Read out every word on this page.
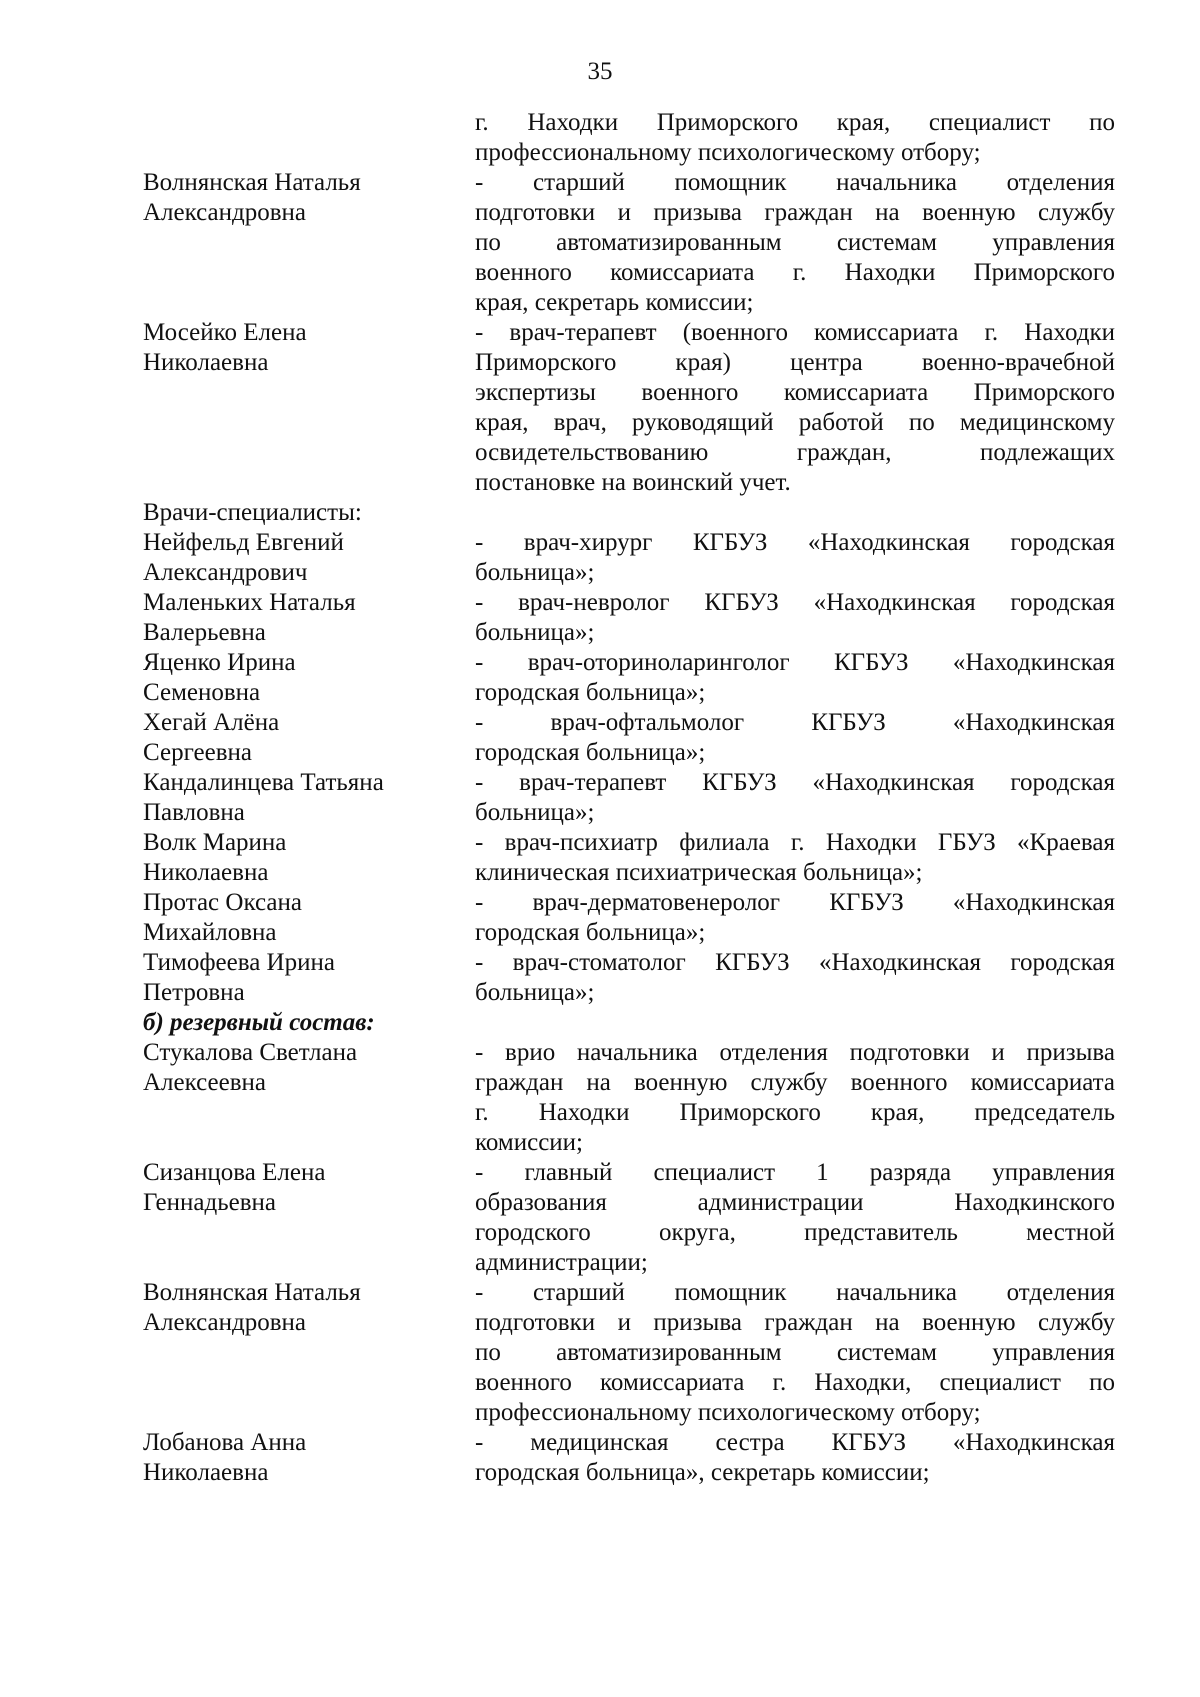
35
г. Находки Приморского края, специалист по
профессиональному психологическому отбору;
Волнянская Наталья
Александровна
- старший помощник начальника отделения
подготовки и призыва граждан на военную службу
по автоматизированным системам управления
военного комиссариата г. Находки Приморского
края, секретарь комиссии;
Мосейко Елена
Николаевна
- врач-терапевт (военного комиссариата г. Находки
Приморского края) центра военно-врачебной
экспертизы военного комиссариата Приморского
края, врач, руководящий работой по медицинскому
освидетельствованию граждан, подлежащих
постановке на воинский учет.
Врачи-специалисты:
Нейфельд Евгений
Александрович
- врач-хирург КГБУЗ «Находкинская городская
больница»;
Маленьких Наталья
Валерьевна
- врач-невролог КГБУЗ «Находкинская городская
больница»;
Яценко Ирина
Семеновна
- врач-оториноларинголог КГБУЗ «Находкинская
городская больница»;
Хегай Алёна
Сергеевна
- врач-офтальмолог КГБУЗ «Находкинская
городская больница»;
Кандалинцева Татьяна
Павловна
- врач-терапевт КГБУЗ «Находкинская городская
больница»;
Волк Марина
Николаевна
- врач-психиатр филиала г. Находки ГБУЗ «Краевая
клиническая психиатрическая больница»;
Протас Оксана
Михайловна
- врач-дерматовенеролог КГБУЗ «Находкинская
городская больница»;
Тимофеева Ирина
Петровна
- врач-стоматолог КГБУЗ «Находкинская городская
больница»;
б) резервный состав:
Стукалова Светлана
Алексеевна
- врио начальника отделения подготовки и призыва
граждан на военную службу военного комиссариата
г. Находки Приморского края, председатель
комиссии;
Сизанцова Елена
Геннадьевна
- главный специалист 1 разряда управления
образования администрации Находкинского
городского округа, представитель местной
администрации;
Волнянская Наталья
Александровна
- старший помощник начальника отделения
подготовки и призыва граждан на военную службу
по автоматизированным системам управления
военного комиссариата г. Находки, специалист по
профессиональному психологическому отбору;
Лобанова Анна
Николаевна
- медицинская сестра КГБУЗ «Находкинская
городская больница», секретарь комиссии;
